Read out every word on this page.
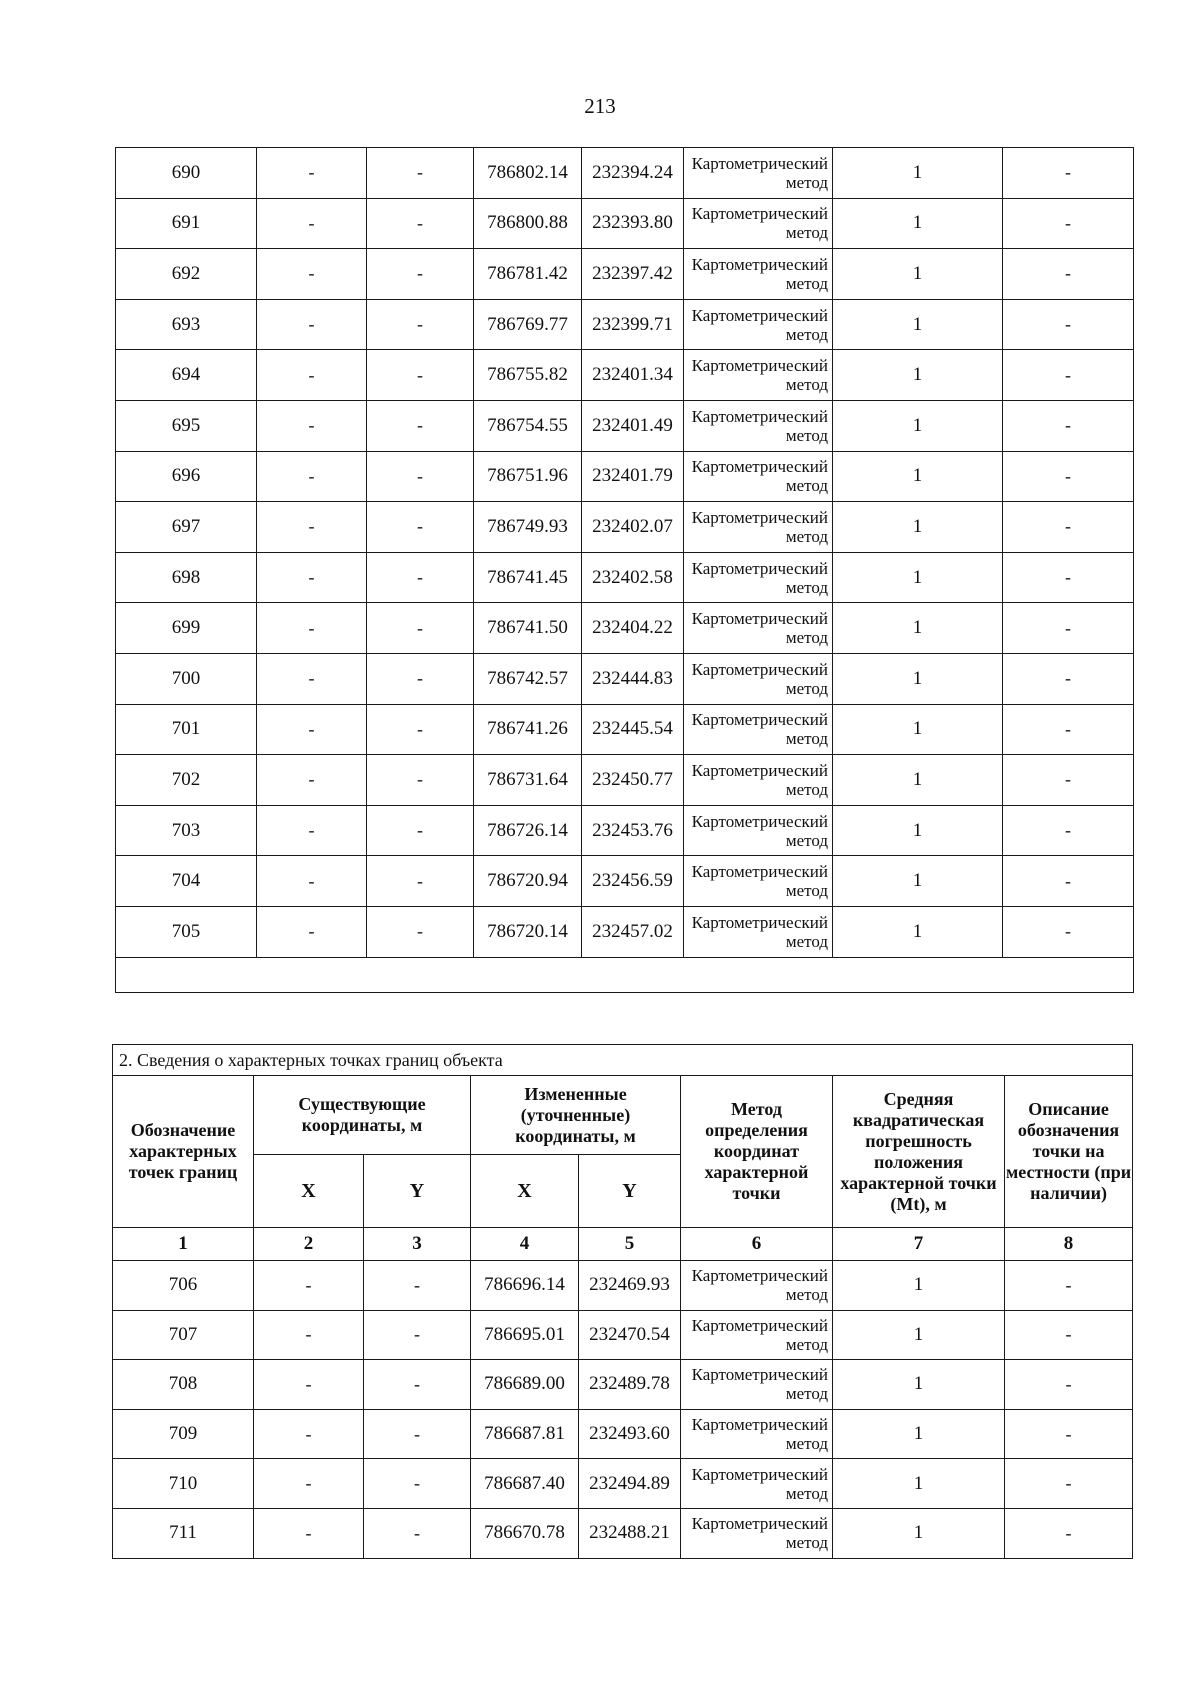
213
690	-	-	786802.14	232394.24	Картометрический метод	1	-
691	-	-	786800.88	232393.80	Картометрический метод	1	-
692	-	-	786781.42	232397.42	Картометрический метод	1	-
693	-	-	786769.77	232399.71	Картометрический метод	1	-
694	-	-	786755.82	232401.34	Картометрический метод	1	-
695	-	-	786754.55	232401.49	Картометрический метод	1	-
696	-	-	786751.96	232401.79	Картометрический метод	1	-
697	-	-	786749.93	232402.07	Картометрический метод	1	-
698	-	-	786741.45	232402.58	Картометрический метод	1	-
699	-	-	786741.50	232404.22	Картометрический метод	1	-
700	-	-	786742.57	232444.83	Картометрический метод	1	-
701	-	-	786741.26	232445.54	Картометрический метод	1	-
702	-	-	786731.64	232450.77	Картометрический метод	1	-
703	-	-	786726.14	232453.76	Картометрический метод	1	-
704	-	-	786720.94	232456.59	Картометрический метод	1	-
705	-	-	786720.14	232457.02	Картометрический метод	1	-

2. Сведения о характерных точках границ объекта							
Обозначение характерных точек границ	Существующие координаты, м		Измененные (уточненные) координаты, м		Метод определения координат характерной точки	Средняя квадратическая погрешность положения характерной точки (Mt), м	Описание обозначения точки на местности (при наличии)
	X	Y	X	Y			
1	2	3	4	5	6	7	8
706	-	-	786696.14	232469.93	Картометрический метод	1	-
707	-	-	786695.01	232470.54	Картометрический метод	1	-
708	-	-	786689.00	232489.78	Картометрический метод	1	-
709	-	-	786687.81	232493.60	Картометрический метод	1	-
710	-	-	786687.40	232494.89	Картометрический метод	1	-
711	-	-	786670.78	232488.21	Картометрический метод	1	-
